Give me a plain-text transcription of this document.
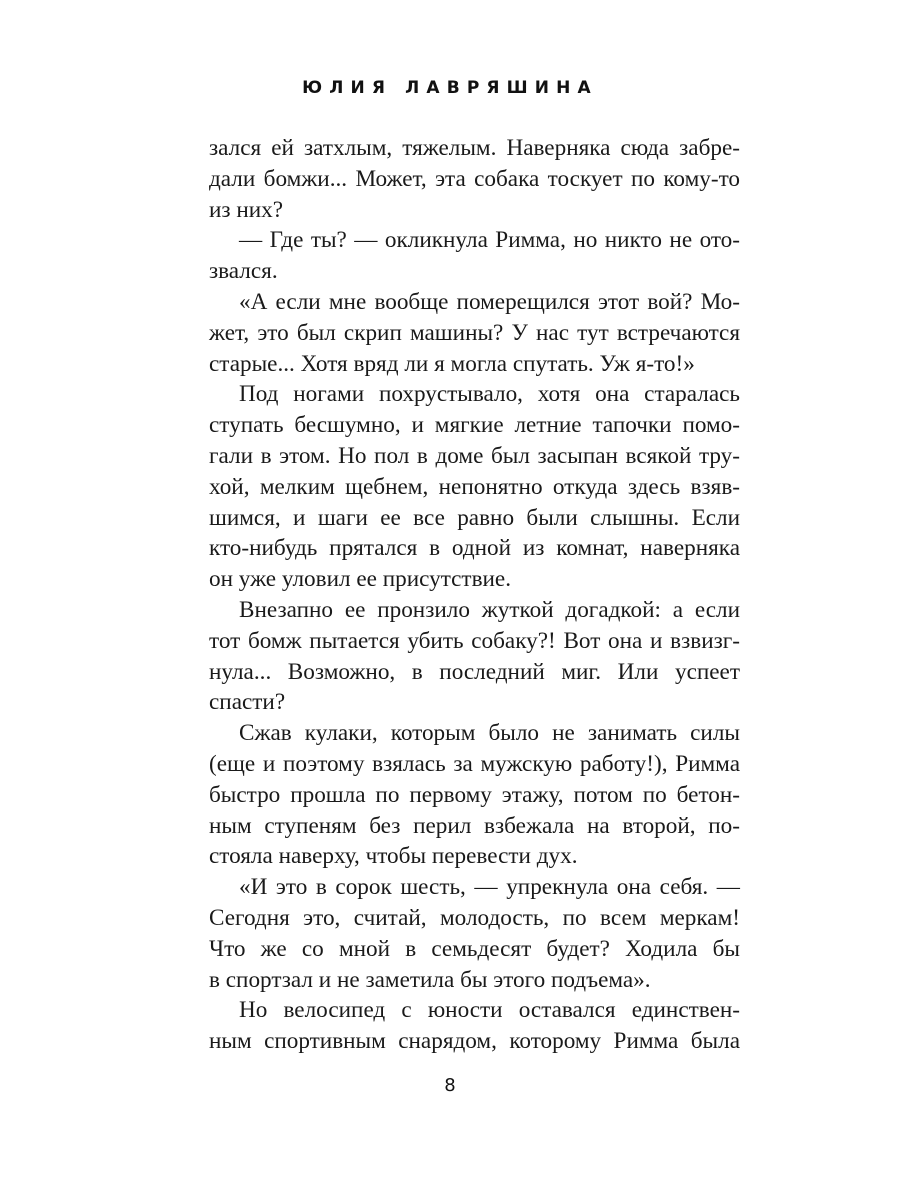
ЮЛИЯ ЛАВРЯШИНА
зался ей затхлым, тяжелым. Наверняка сюда забре-
дали бомжи... Может, эта собака тоскует по кому-то
из них?
— Где ты? — окликнула Римма, но никто не ото-
звался.
«А если мне вообще померещился этот вой? Мо-
жет, это был скрип машины? У нас тут встречаются
старые... Хотя вряд ли я могла спутать. Уж я-то!»
Под ногами похрустывало, хотя она старалась
ступать бесшумно, и мягкие летние тапочки помо-
гали в этом. Но пол в доме был засыпан всякой тру-
хой, мелким щебнем, непонятно откуда здесь взяв-
шимся, и шаги ее все равно были слышны. Если
кто-нибудь прятался в одной из комнат, наверняка
он уже уловил ее присутствие.
Внезапно ее пронзило жуткой догадкой: а если
тот бомж пытается убить собаку?! Вот она и взвизг-
нула... Возможно, в последний миг. Или успеет
спасти?
Сжав кулаки, которым было не занимать силы
(еще и поэтому взялась за мужскую работу!), Римма
быстро прошла по первому этажу, потом по бетон-
ным ступеням без перил взбежала на второй, по-
стояла наверху, чтобы перевести дух.
«И это в сорок шесть, — упрекнула она себя. —
Сегодня это, считай, молодость, по всем меркам!
Что же со мной в семьдесят будет? Ходила бы
в спортзал и не заметила бы этого подъема».
Но велосипед с юности оставался единствен-
ным спортивным снарядом, которому Римма была
8
